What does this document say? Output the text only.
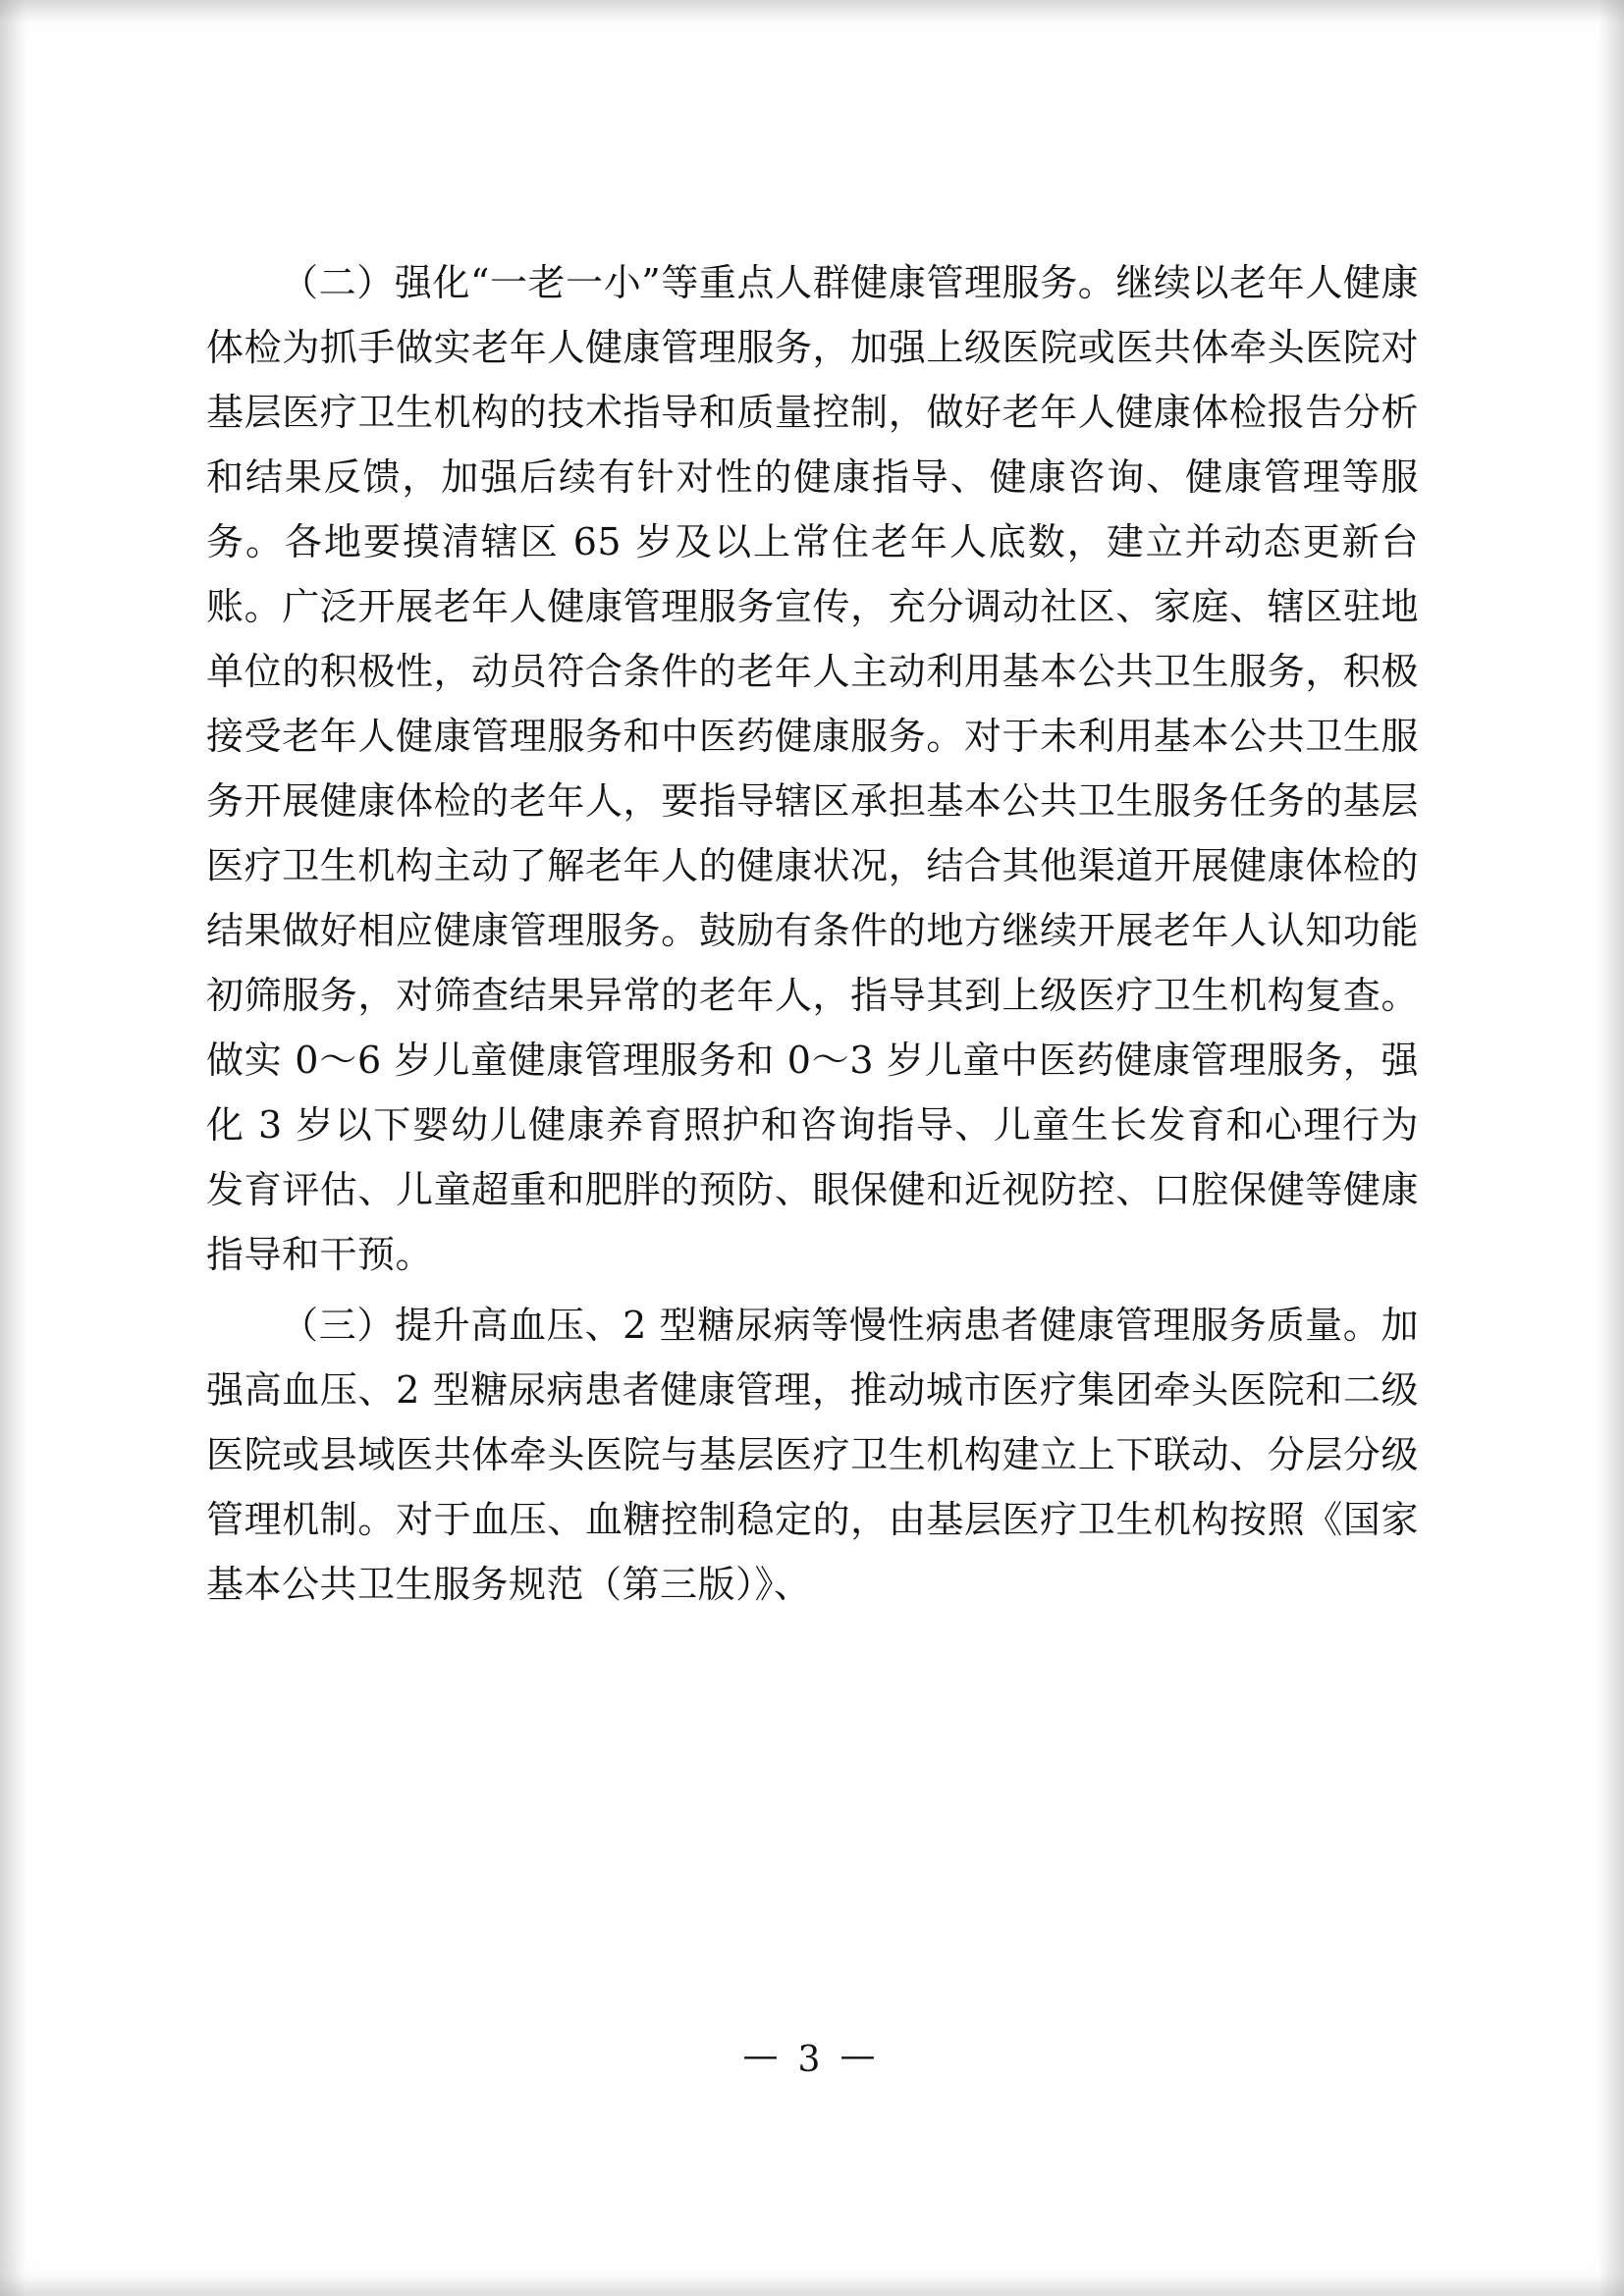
（二）强化“一老一小”等重点人群健康管理服务。继续以老年人健康体检为抓手做实老年人健康管理服务，加强上级医院或医共体牵头医院对基层医疗卫生机构的技术指导和质量控制，做好老年人健康体检报告分析和结果反馈，加强后续有针对性的健康指导、健康咨询、健康管理等服务。各地要摸清辖区 65 岁及以上常住老年人底数，建立并动态更新台账。广泛开展老年人健康管理服务宣传，充分调动社区、家庭、辖区驻地单位的积极性，动员符合条件的老年人主动利用基本公共卫生服务，积极接受老年人健康管理服务和中医药健康服务。对于未利用基本公共卫生服务开展健康体检的老年人，要指导辖区承担基本公共卫生服务任务的基层医疗卫生机构主动了解老年人的健康状况，结合其他渠道开展健康体检的结果做好相应健康管理服务。鼓励有条件的地方继续开展老年人认知功能初筛服务，对筛查结果异常的老年人，指导其到上级医疗卫生机构复查。做实 0～6 岁儿童健康管理服务和 0～3 岁儿童中医药健康管理服务，强化 3 岁以下婴幼儿健康养育照护和咨询指导、儿童生长发育和心理行为发育评估、儿童超重和肥胖的预防、眼保健和近视防控、口腔保健等健康指导和干预。

（三）提升高血压、2 型糖尿病等慢性病患者健康管理服务质量。加强高血压、2 型糖尿病患者健康管理，推动城市医疗集团牵头医院和二级医院或县域医共体牵头医院与基层医疗卫生机构建立上下联动、分层分级管理机制。对于血压、血糖控制稳定的，由基层医疗卫生机构按照《国家基本公共卫生服务规范（第三版）》、

— 3 —
